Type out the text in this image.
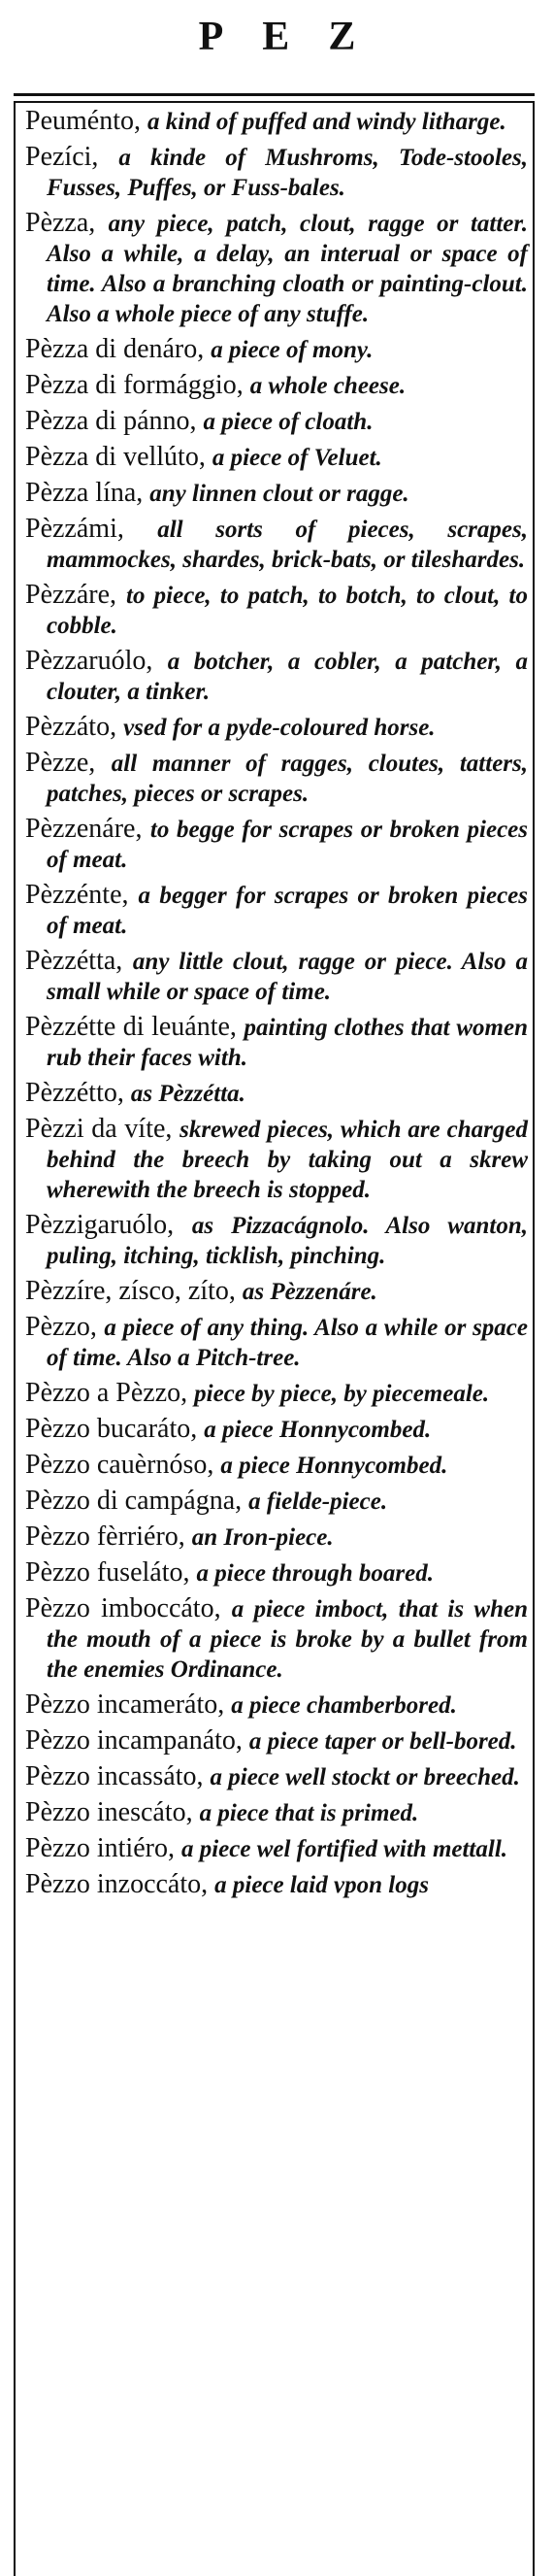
PEZ
Peuménto, a kind of puffed and windy litharge.
Pezíci, a kinde of Mushroms, Tode-stooles, Fusses, Puffes, or Fuss-bales.
Pèzza, any piece, patch, clout, ragge or tatter. Also a while, a delay, an interual or space of time. Also a branching cloath or painting-clout. Also a whole piece of any stuffe.
Pèzza di denáro, a piece of mony.
Pèzza di formággio, a whole cheese.
Pèzza di pánno, a piece of cloath.
Pèzza di vellúto, a piece of Veluet.
Pèzza lína, any linnen clout or ragge.
Pèzzámi, all sorts of pieces, scrapes, mammockes, shardes, brick-bats, or tileshardes.
Pèzzáre, to piece, to patch, to botch, to clout, to cobble.
Pèzzaruólo, a botcher, a cobler, a patcher, a clouter, a tinker.
Pèzzáto, vsed for a pyde-coloured horse.
Pèzze, all manner of ragges, cloutes, tatters, patches, pieces or scrapes.
Pèzzenáre, to begge for scrapes or broken pieces of meat.
Pèzzénte, a begger for scrapes or broken pieces of meat.
Pèzzétta, any little clout, ragge or piece. Also a small while or space of time.
Pèzzétte di leuánte, painting clothes that women rub their faces with.
Pèzzétto, as Pèzzétta.
Pèzzi da víte, skrewed pieces, which are charged behind the breech by taking out a skrew wherewith the breech is stopped.
Pèzzigaruólo, as Pizzacágnolo. Also wanton, puling, itching, ticklish, pinching.
Pèzzíre, zísco, zíto, as Pèzzenáre.
Pèzzo, a piece of any thing. Also a while or space of time. Also a Pitch-tree.
Pèzzo a Pèzzo, piece by piece, by piecemeale.
Pèzzo bucaráto, a piece Honnycombed.
Pèzzo cauèrnóso, a piece Honnycombed.
Pèzzo di campágna, a fielde-piece.
Pèzzo fèrriéro, an Iron-piece.
Pèzzo fuseláto, a piece through boared.
Pèzzo imboccáto, a piece imboct, that is when the mouth of a piece is broke by a bullet from the enemies Ordinance.
Pèzzo incameráto, a piece chamberbored.
Pèzzo incampanáto, a piece taper or bell-bored.
Pèzzo incassáto, a piece well stockt or breeched.
Pèzzo inescáto, a piece that is primed.
Pèzzo intiéro, a piece wel fortified with mettall.
Pèzzo inzoccáto, a piece laid vpon logs
